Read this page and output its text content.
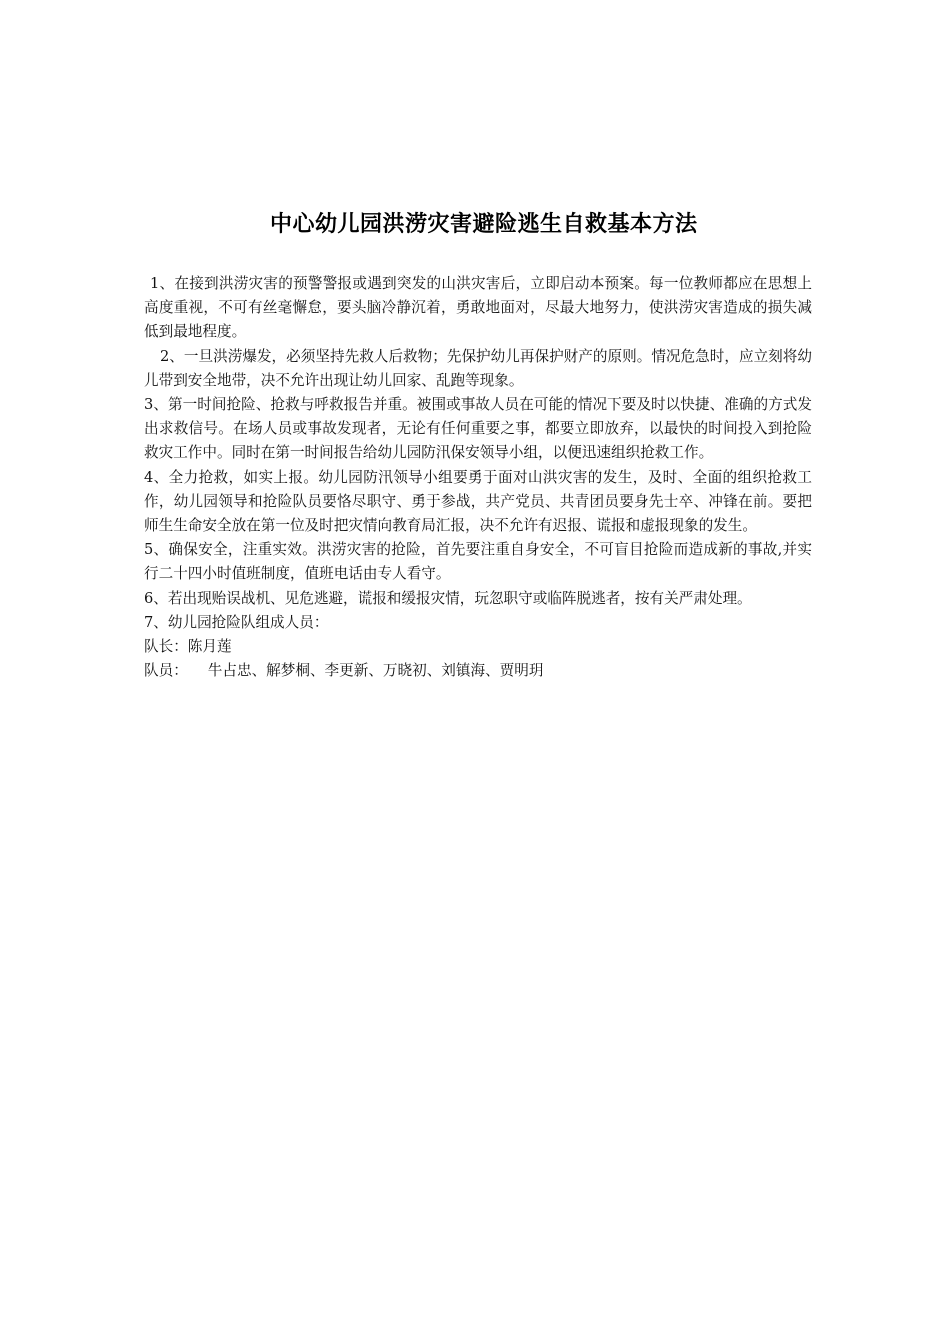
中心幼儿园洪涝灾害避险逃生自救基本方法

1、在接到洪涝灾害的预警警报或遇到突发的山洪灾害后，立即启动本预案。每一位教师都应在思想上高度重视，不可有丝毫懈怠，要头脑冷静沉着，勇敢地面对，尽最大地努力，使洪涝灾害造成的损失减低到最地程度。

2、一旦洪涝爆发，必须坚持先救人后救物；先保护幼儿再保护财产的原则。情况危急时，应立刻将幼儿带到安全地带，决不允许出现让幼儿回家、乱跑等现象。

3、第一时间抢险、抢救与呼救报告并重。被围或事故人员在可能的情况下要及时以快捷、准确的方式发出求救信号。在场人员或事故发现者，无论有任何重要之事，都要立即放弃，以最快的时间投入到抢险救灾工作中。同时在第一时间报告给幼儿园防汛保安领导小组，以便迅速组织抢救工作。

4、全力抢救，如实上报。幼儿园防汛领导小组要勇于面对山洪灾害的发生，及时、全面的组织抢救工作，幼儿园领导和抢险队员要恪尽职守、勇于参战，共产党员、共青团员要身先士卒、冲锋在前。要把师生生命安全放在第一位及时把灾情向教育局汇报，决不允许有迟报、谎报和虚报现象的发生。

5、确保安全，注重实效。洪涝灾害的抢险，首先要注重自身安全，不可盲目抢险而造成新的事故,并实行二十四小时值班制度，值班电话由专人看守。

6、若出现贻误战机、见危逃避，谎报和缓报灾情，玩忽职守或临阵脱逃者，按有关严肃处理。

7、幼儿园抢险队组成人员：

队长：陈月莲

队员： 牛占忠、解梦桐、李更新、万晓初、刘镇海、贾明玥
